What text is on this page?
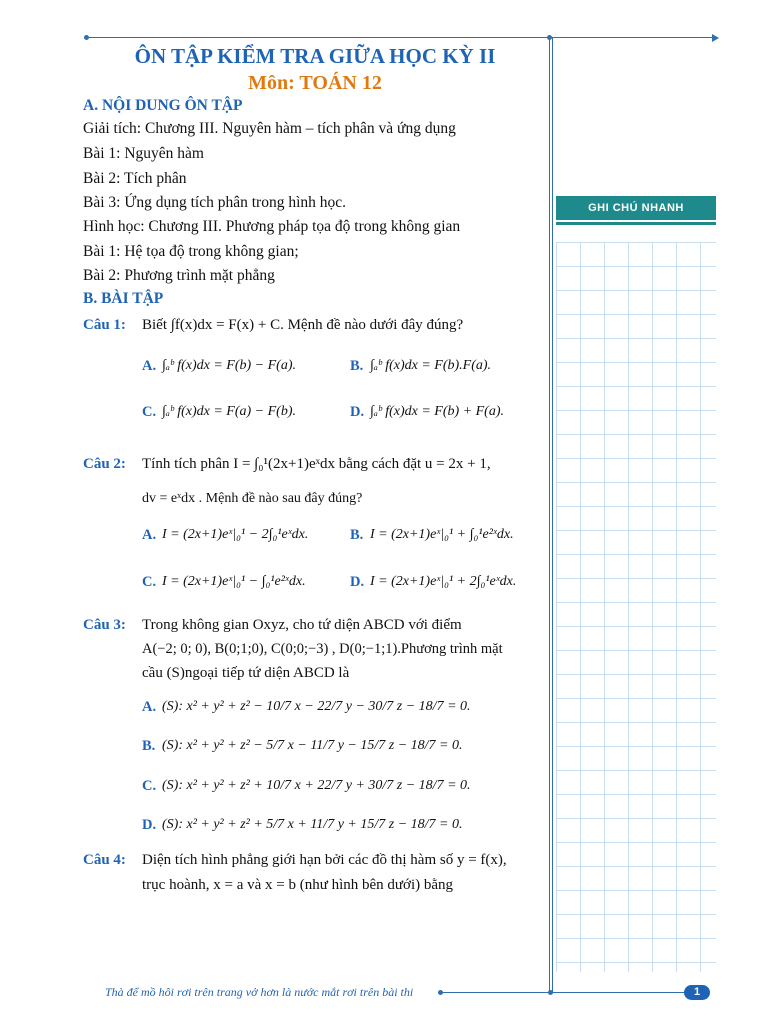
ÔN TẬP KIỂM TRA GIỮA HỌC KỲ II
Môn: TOÁN 12
A. NỘI DUNG ÔN TẬP
Giải tích: Chương III. Nguyên hàm – tích phân và ứng dụng
Bài 1: Nguyên hàm
Bài 2: Tích phân
Bài 3: Ứng dụng tích phân trong hình học.
Hình học: Chương III. Phương pháp tọa độ trong không gian
Bài 1: Hệ tọa độ trong không gian;
Bài 2: Phương trình mặt phẳng
B. BÀI TẬP
Câu 1: Biết ∫f(x)dx = F(x) + C. Mệnh đề nào dưới đây đúng?
A. ∫ₐᵇ f(x)dx = F(b) − F(a).	B. ∫ₐᵇ f(x)dx = F(b).F(a).
C. ∫ₐᵇ f(x)dx = F(a) − F(b).	D. ∫ₐᵇ f(x)dx = F(b) + F(a).
Câu 2: Tính tích phân I = ∫₀¹(2x+1)eˣdx bằng cách đặt u = 2x + 1,
dv = eˣdx . Mệnh đề nào sau đây đúng?
A. I = (2x+1)eˣ|₀¹ − 2∫₀¹eˣdx.	B. I = (2x+1)eˣ|₀¹ + ∫₀¹e²ˣdx.
C. I = (2x+1)eˣ|₀¹ − ∫₀¹e²ˣdx.	D. I = (2x+1)eˣ|₀¹ + 2∫₀¹eˣdx.
Câu 3: Trong không gian Oxyz, cho tứ diện ABCD với điểm
A(−2; 0; 0), B(0;1;0), C(0;0;−3) , D(0;−1;1).Phương trình mặt
cầu (S)ngoại tiếp tứ diện ABCD là
A. (S): x² + y² + z² − 10/7 x − 22/7 y − 30/7 z − 18/7 = 0.
B. (S): x² + y² + z² − 5/7 x − 11/7 y − 15/7 z − 18/7 = 0.
C. (S): x² + y² + z² + 10/7 x + 22/7 y + 30/7 z − 18/7 = 0.
D. (S): x² + y² + z² + 5/7 x + 11/7 y + 15/7 z − 18/7 = 0.
Câu 4: Diện tích hình phẳng giới hạn bởi các đồ thị hàm số y = f(x),
trục hoành, x = a và x = b (như hình bên dưới) bằng
GHI CHÚ NHANH
Thà để mồ hôi rơi trên trang vở hơn là nước mắt rơi trên bài thi	1
